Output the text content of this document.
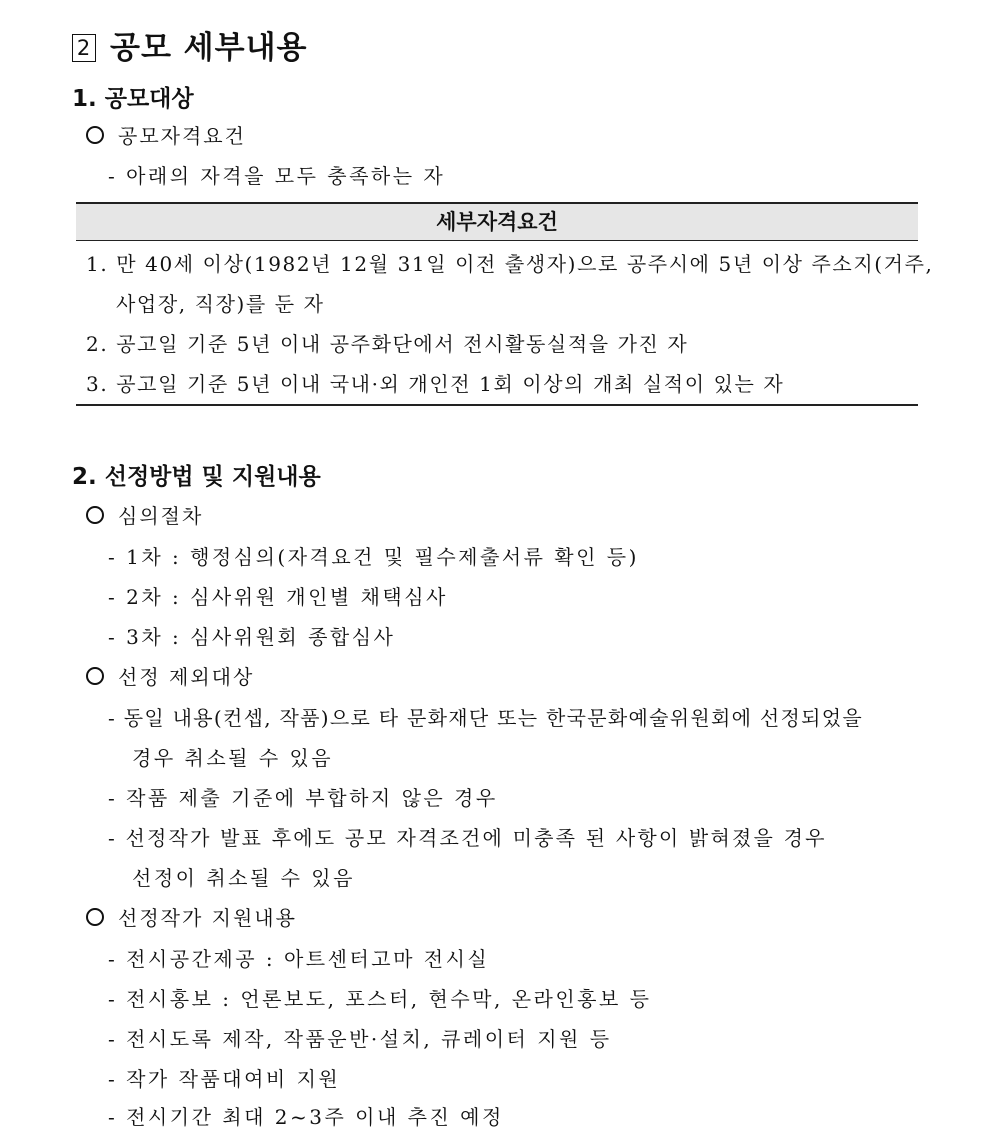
2 공모 세부내용
1. 공모대상
공모자격요건
- 아래의 자격을 모두 충족하는 자
세부자격요건
1. 만 40세 이상(1982년 12월 31일 이전 출생자)으로 공주시에 5년 이상 주소지(거주,
사업장, 직장)를 둔 자
2. 공고일 기준 5년 이내 공주화단에서 전시활동실적을 가진 자
3. 공고일 기준 5년 이내 국내·외 개인전 1회 이상의 개최 실적이 있는 자
2. 선정방법 및 지원내용
심의절차
- 1차 : 행정심의(자격요건 및 필수제출서류 확인 등)
- 2차 : 심사위원 개인별 채택심사
- 3차 : 심사위원회 종합심사
선정 제외대상
- 동일 내용(컨셉, 작품)으로 타 문화재단 또는 한국문화예술위원회에 선정되었을
경우 취소될 수 있음
- 작품 제출 기준에 부합하지 않은 경우
- 선정작가 발표 후에도 공모 자격조건에 미충족 된 사항이 밝혀졌을 경우
선정이 취소될 수 있음
선정작가 지원내용
- 전시공간제공 : 아트센터고마 전시실
- 전시홍보 : 언론보도, 포스터, 현수막, 온라인홍보 등
- 전시도록 제작, 작품운반·설치, 큐레이터 지원 등
- 작가 작품대여비 지원
- 전시기간 최대 2~3주 이내 추진 예정
